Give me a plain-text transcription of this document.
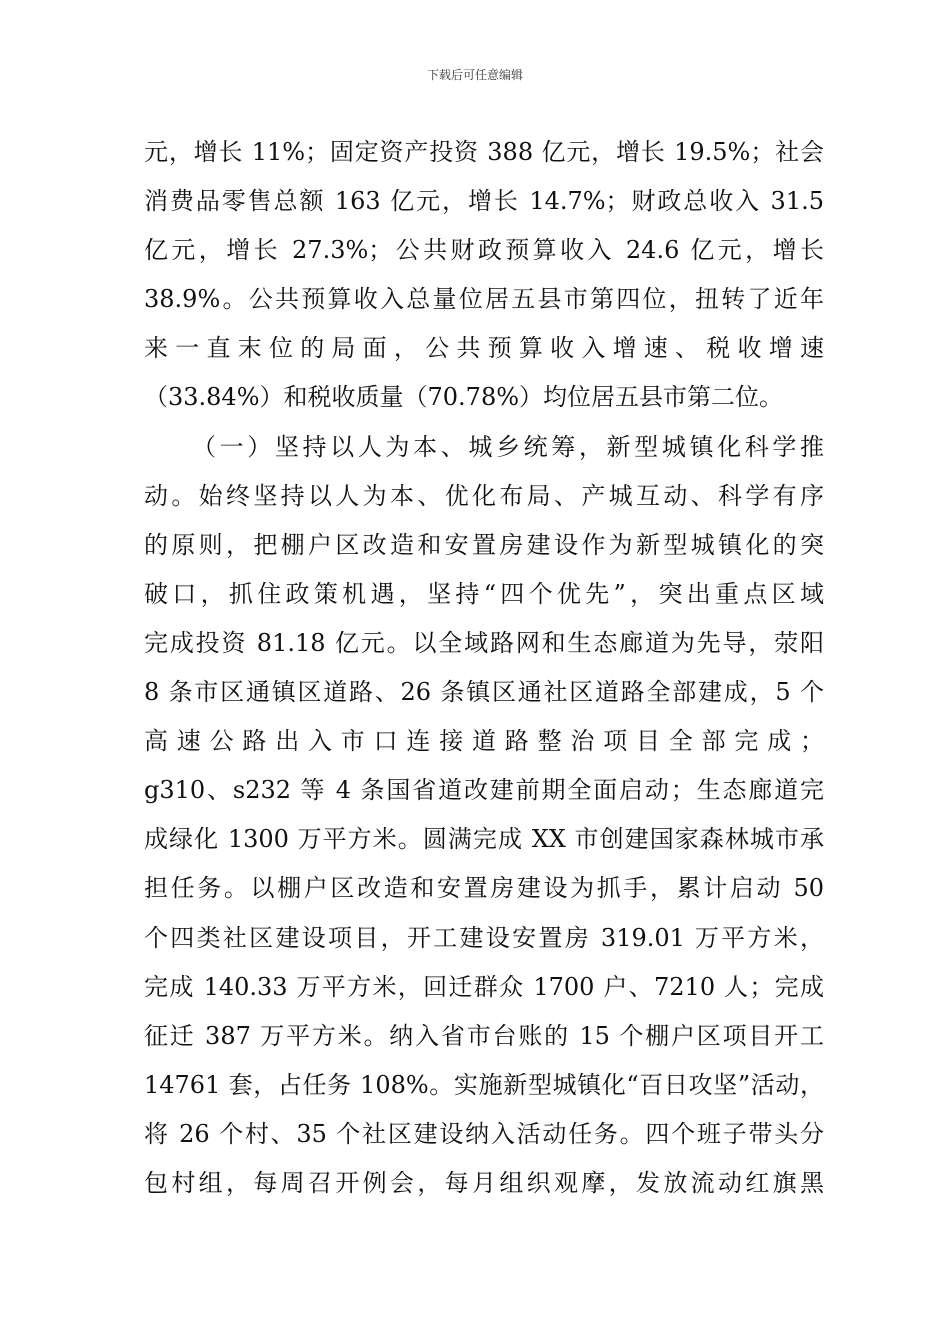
下载后可任意编辑
元，增长 11%；固定资产投资 388 亿元，增长 19.5%；社会
消费品零售总额 163 亿元，增长 14.7%；财政总收入 31.5
亿元，增长 27.3%；公共财政预算收入 24.6 亿元，增长
38.9%。公共预算收入总量位居五县市第四位，扭转了近年
来一直末位的局面，公共预算收入增速、税收增速
（33.84%）和税收质量（70.78%）均位居五县市第二位。
（一）坚持以人为本、城乡统筹，新型城镇化科学推
动。始终坚持以人为本、优化布局、产城互动、科学有序
的原则，把棚户区改造和安置房建设作为新型城镇化的突
破口，抓住政策机遇，坚持“四个优先”，突出重点区域
完成投资 81.18 亿元。以全域路网和生态廊道为先导，荥阳
8 条市区通镇区道路、26 条镇区通社区道路全部建成，5 个
高速公路出入市口连接道路整治项目全部完成；
g310、s232 等 4 条国省道改建前期全面启动；生态廊道完
成绿化 1300 万平方米。圆满完成 XX 市创建国家森林城市承
担任务。以棚户区改造和安置房建设为抓手，累计启动 50
个四类社区建设项目，开工建设安置房 319.01 万平方米，
完成 140.33 万平方米，回迁群众 1700 户、7210 人；完成
征迁 387 万平方米。纳入省市台账的 15 个棚户区项目开工
14761 套，占任务 108%。实施新型城镇化“百日攻坚”活动，
将 26 个村、35 个社区建设纳入活动任务。四个班子带头分
包村组，每周召开例会，每月组织观摩，发放流动红旗黑
